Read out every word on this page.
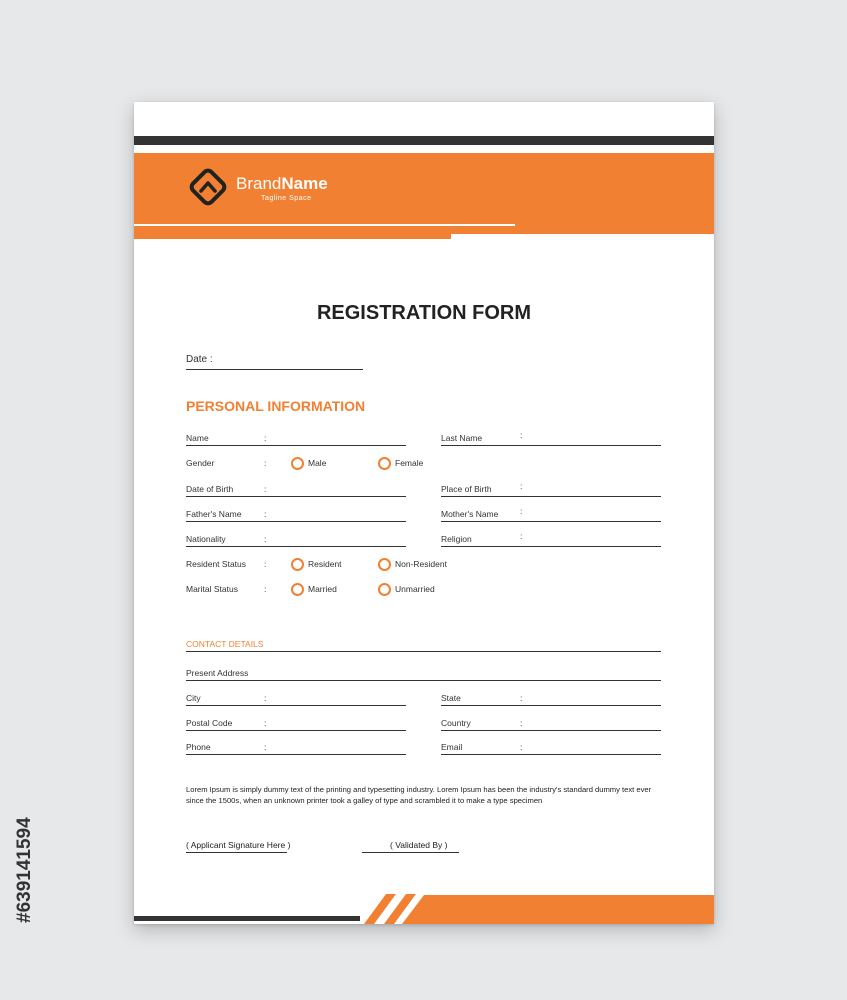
#639141594
BrandName
Tagline Space
REGISTRATION FORM
Date :
PERSONAL INFORMATION
Name	:	Last Name	:
Gender	:	Male	Female
Date of Birth	:	Place of Birth	:
Father's Name	:	Mother's Name	:
Nationality	:	Religion	:
Resident Status :	Resident	Non-Resident
Marital Status	:	Married	Unmarried
CONTACT DETAILS
Present Address
City	:	State	:
Postal Code	:	Country	:
Phone	:	Email	:
Lorem Ipsum is simply dummy text of the printing and typesetting industry. Lorem Ipsum has been the industry's standard dummy text ever since the 1500s, when an unknown printer took a galley of type and scrambled it to make a type specimen
( Applicant Signature Here )	( Validated By )
